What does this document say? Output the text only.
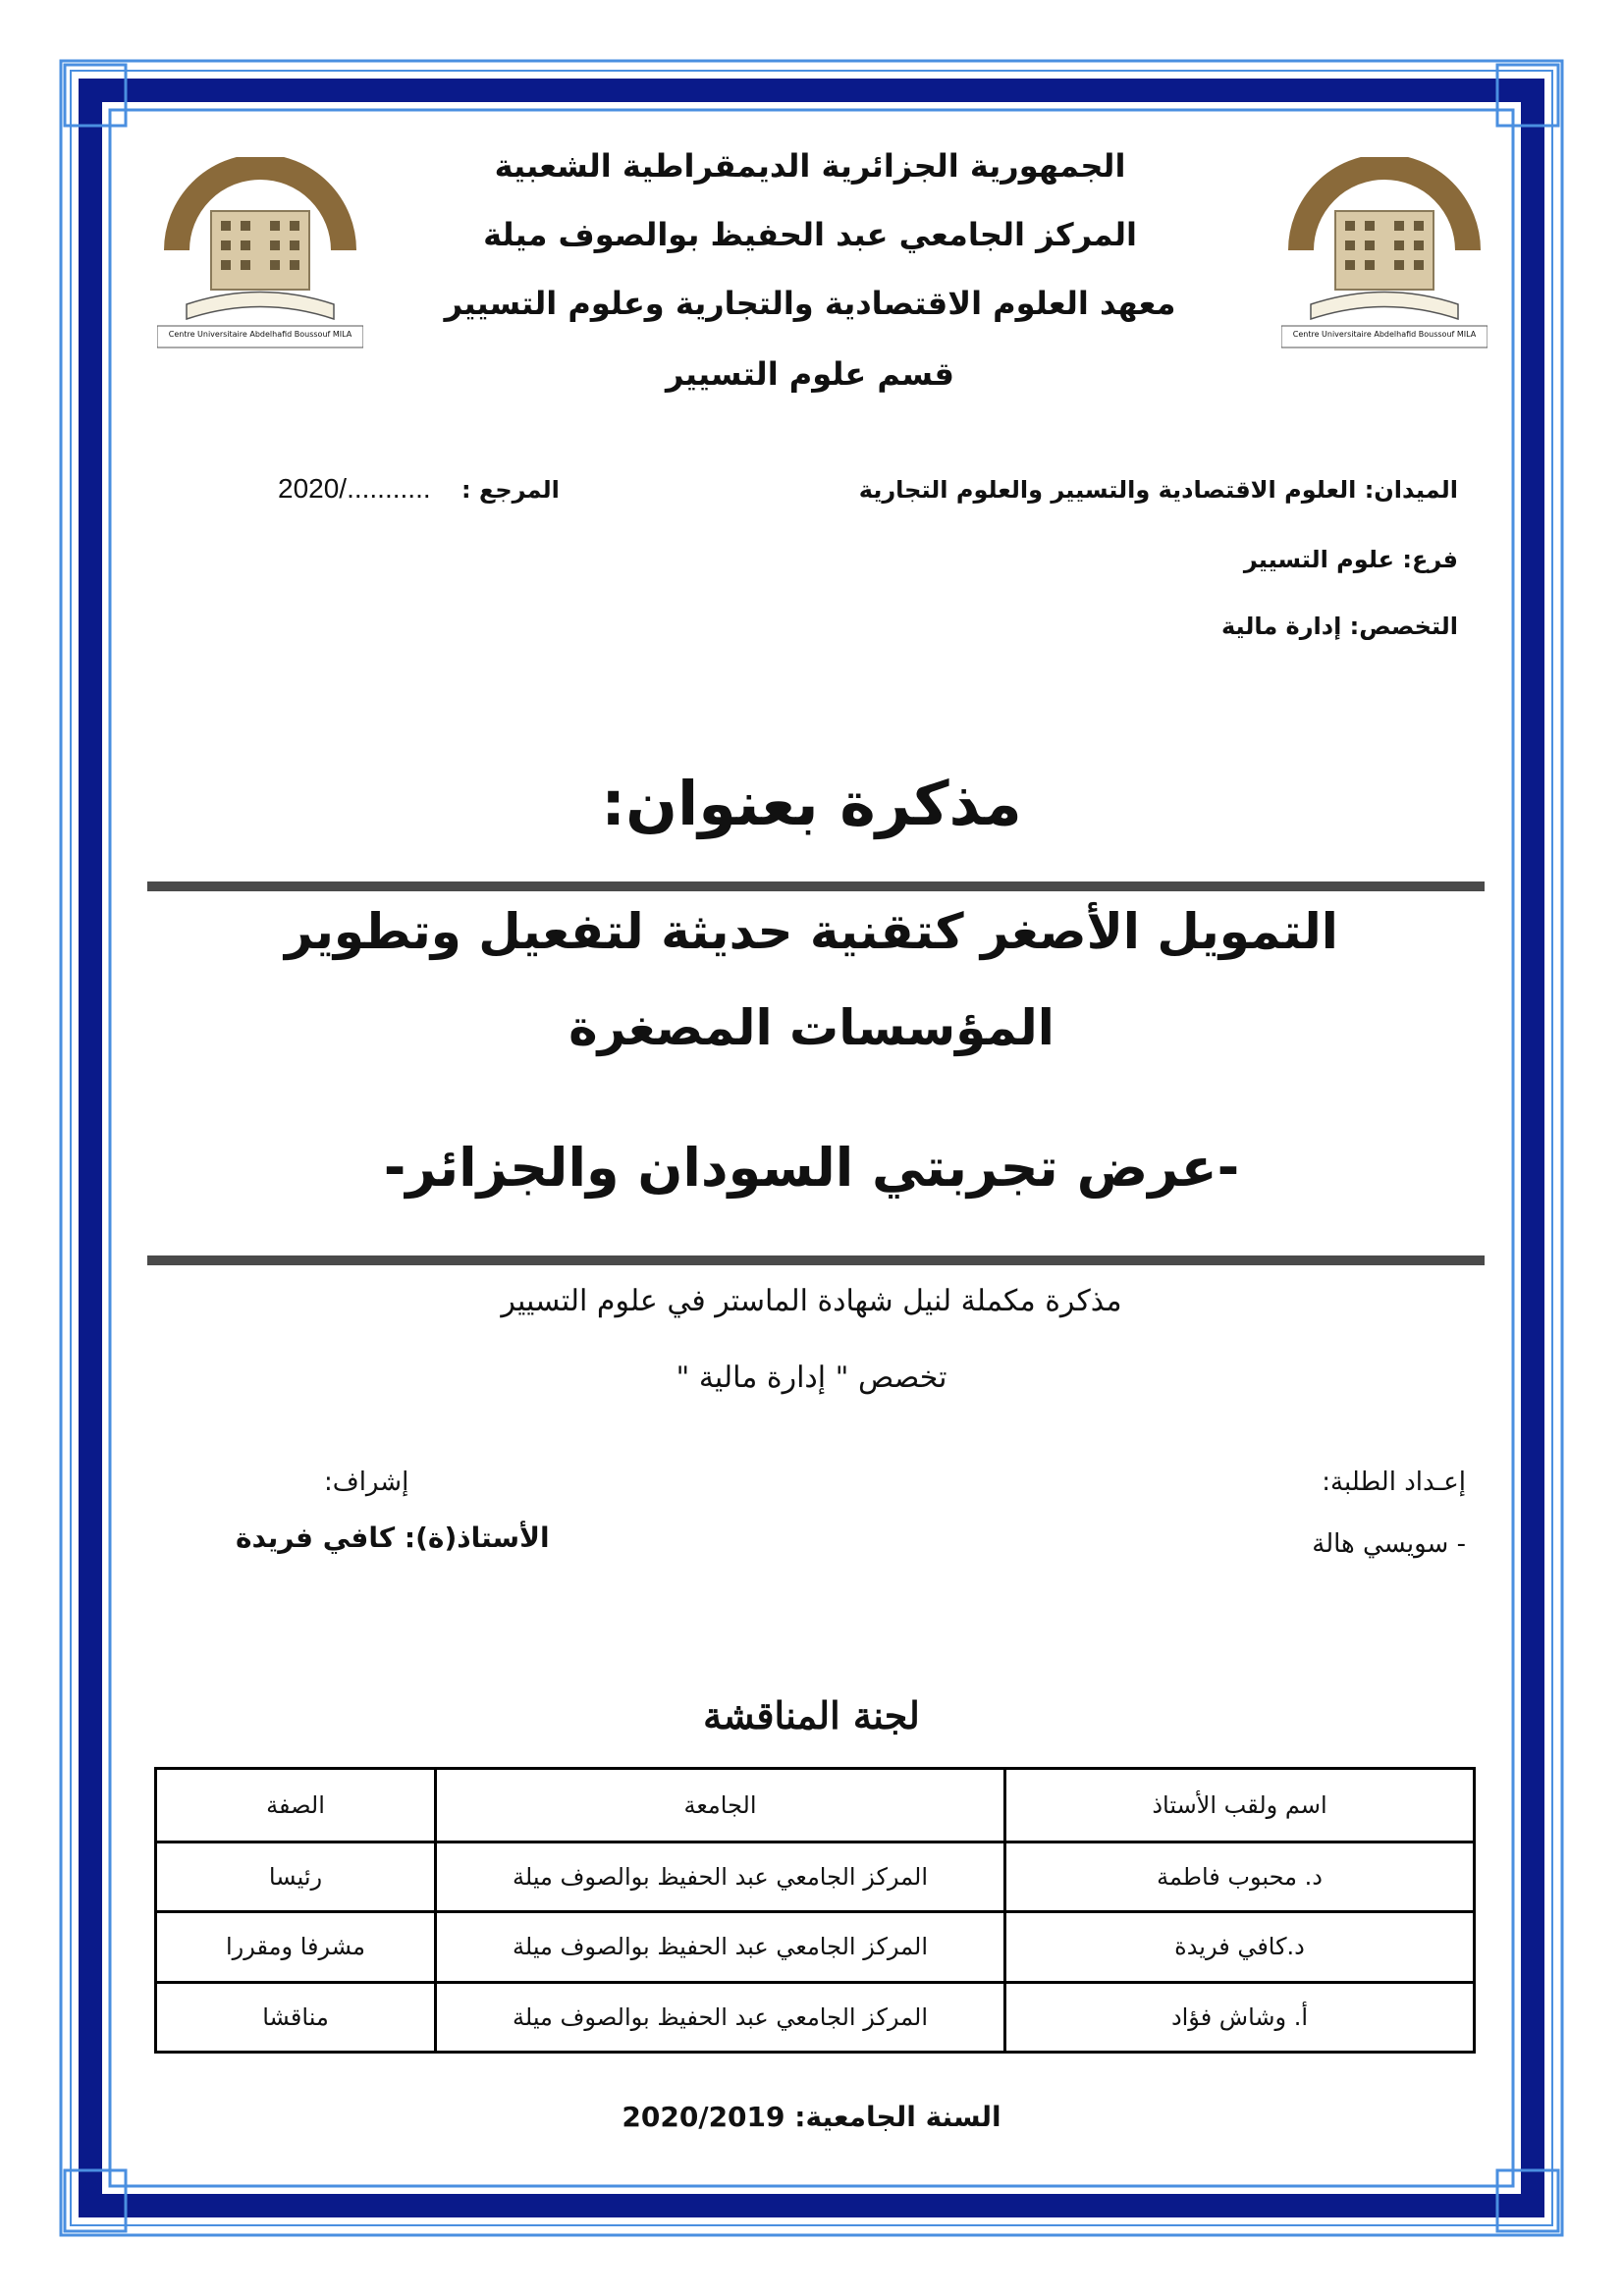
Centre Universitaire Abdelhafid Boussouf MILA	Centre Universitaire Abdelhafid Boussouf MILA
الجمهورية الجزائرية الديمقراطية الشعبية
المركز الجامعي عبد الحفيظ بوالصوف ميلة
معهد العلوم الاقتصادية والتجارية وعلوم التسيير
قسم علوم التسيير
الميدان: العلوم الاقتصادية والتسيير والعلوم التجارية
فرع: علوم التسيير
التخصص: إدارة مالية
المرجع :
2020/...........
مذكرة بعنوان:
التمويل الأصغر كتقنية حديثة لتفعيل وتطوير
المؤسسات المصغرة
-عرض تجربتي السودان والجزائر-
مذكرة مكملة لنيل شهادة الماستر في علوم التسيير
تخصص " إدارة مالية "
إعـداد الطلبة:
- سويسي هالة
إشراف:
الأستاذ(ة): كافي فريدة
لجنة المناقشة
اسم ولقب الأستاذ	الجامعة	الصفة
د. محبوب فاطمة	المركز الجامعي عبد الحفيظ بوالصوف ميلة	رئيسا
د.كافي فريدة	المركز الجامعي عبد الحفيظ بوالصوف ميلة	مشرفا ومقررا
أ. وشاش فؤاد	المركز الجامعي عبد الحفيظ بوالصوف ميلة	مناقشا
السنة الجامعية: 2020/2019
